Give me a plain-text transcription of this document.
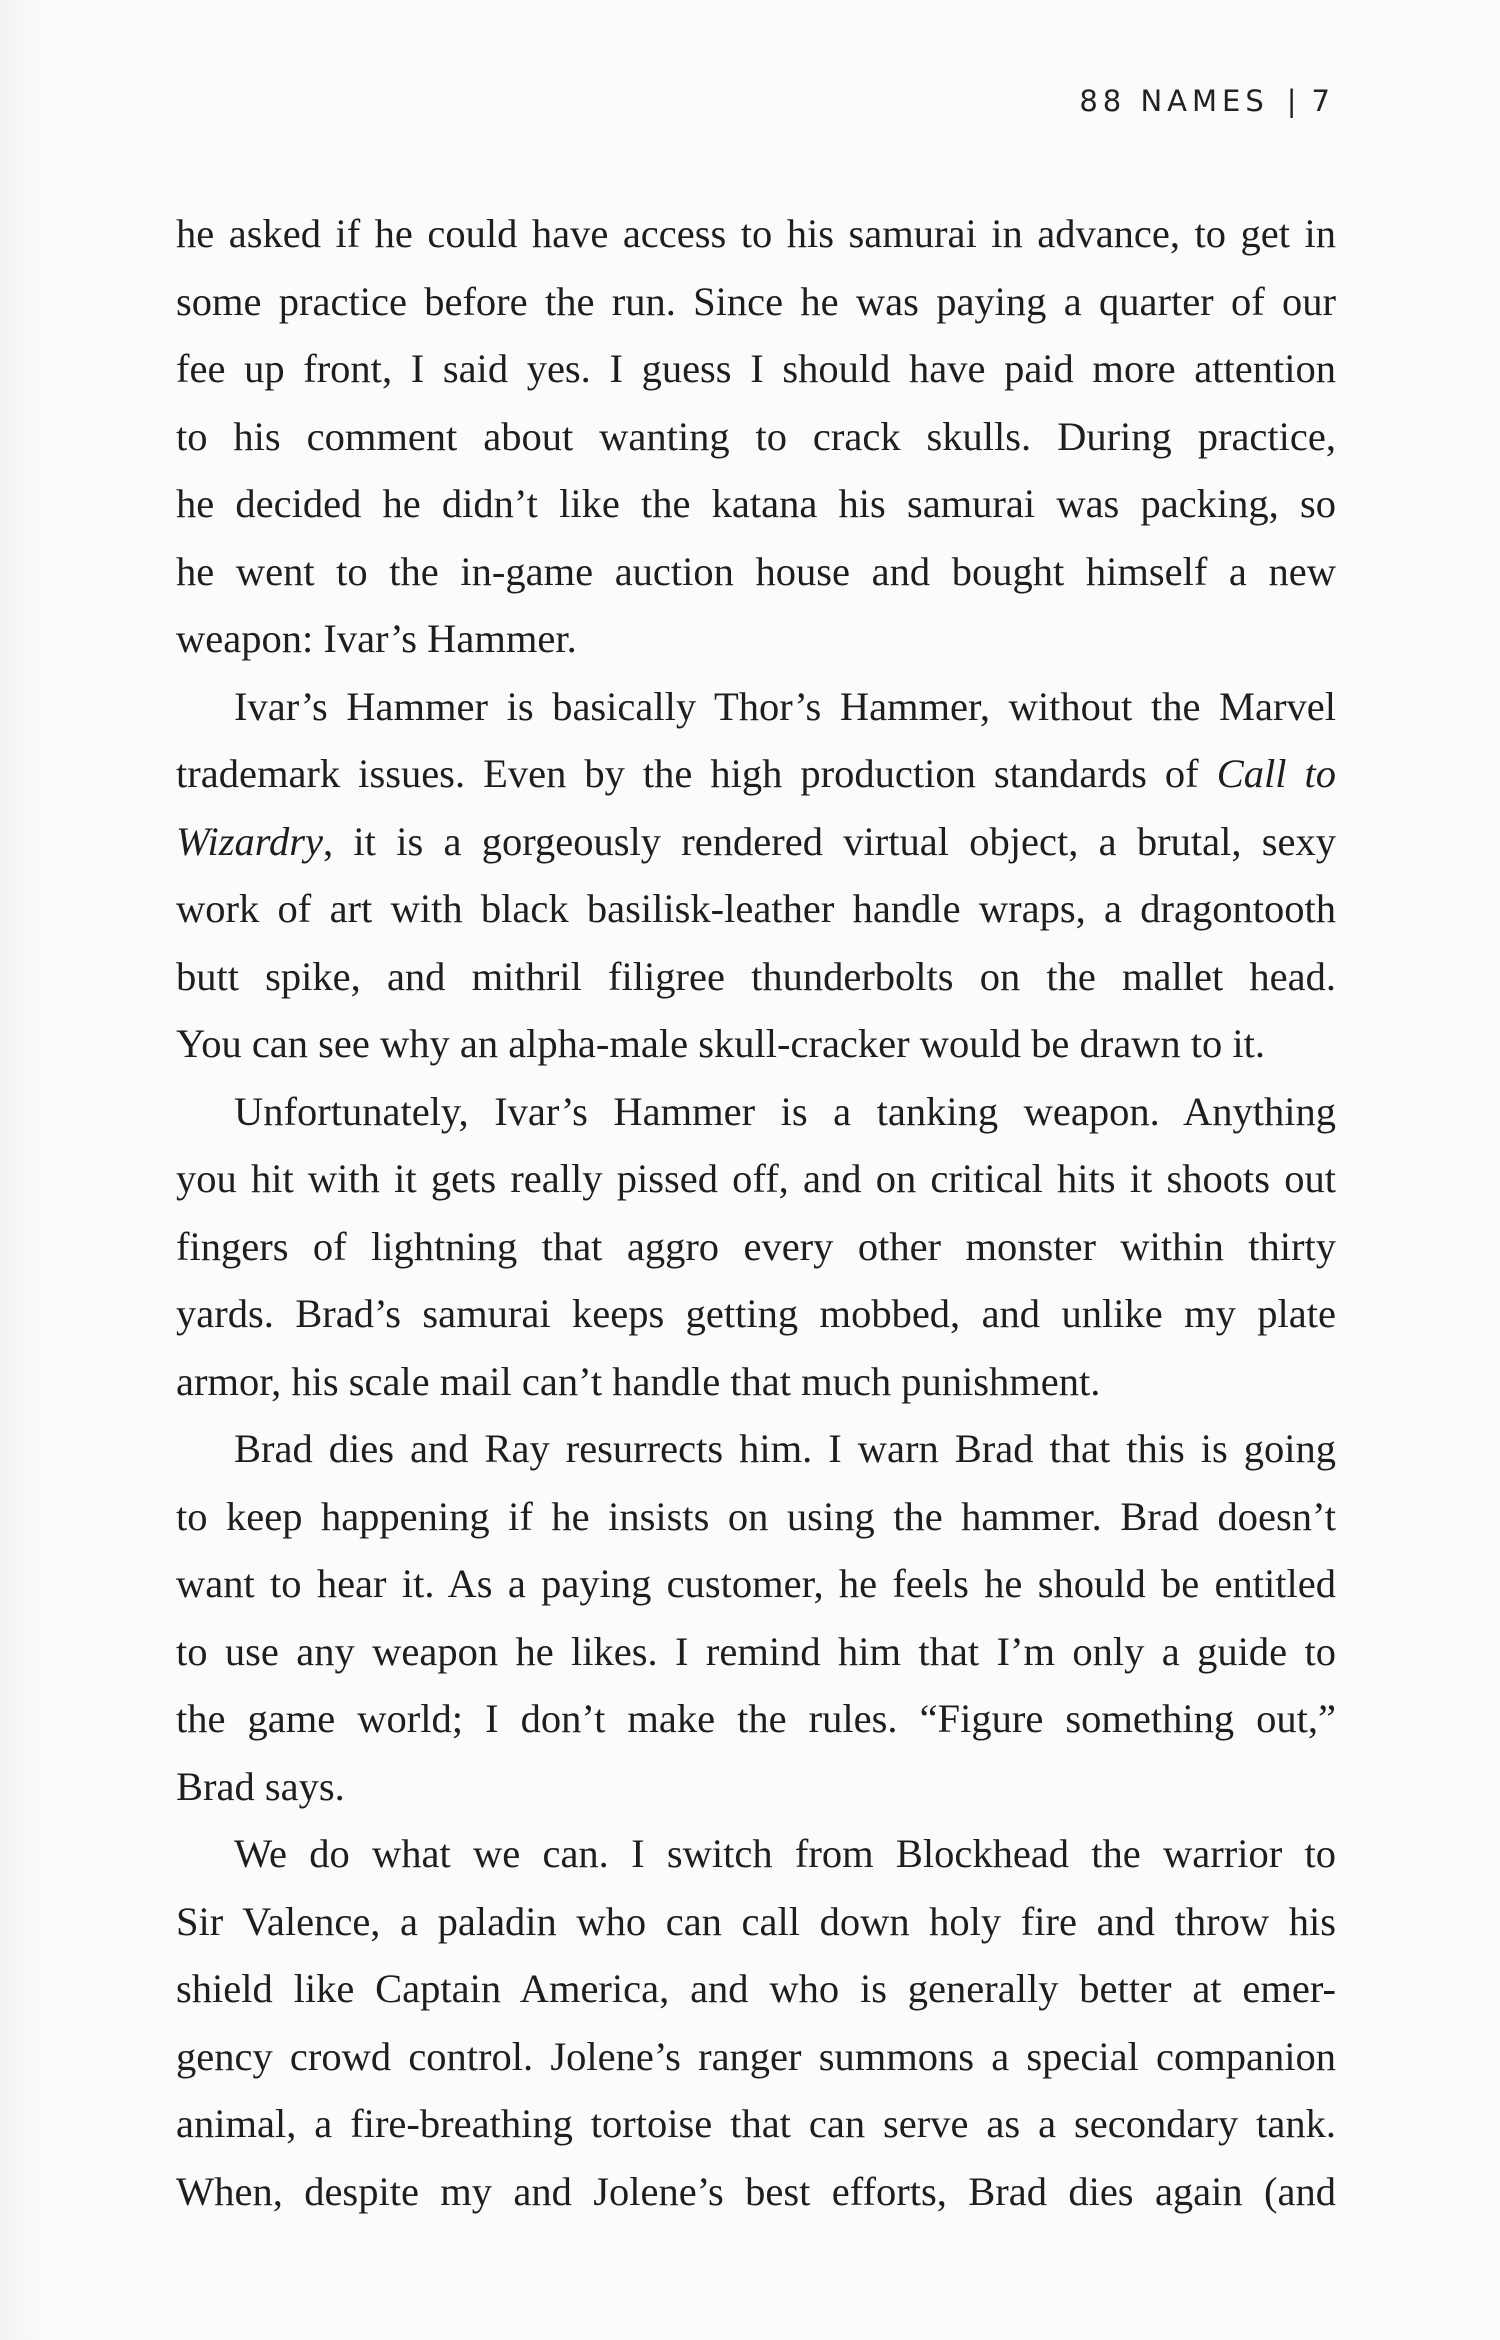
88 NAMES | 7
he asked if he could have access to his samurai in advance, to get in
some practice before the run. Since he was paying a quarter of our
fee up front, I said yes. I guess I should have paid more attention
to his comment about wanting to crack skulls. During practice,
he decided he didn’t like the katana his samurai was packing, so
he went to the in-game auction house and bought himself a new
weapon: Ivar’s Hammer.
Ivar’s Hammer is basically Thor’s Hammer, without the Marvel
trademark issues. Even by the high production standards of Call to
Wizardry, it is a gorgeously rendered virtual object, a brutal, sexy
work of art with black basilisk-leather handle wraps, a dragontooth
butt spike, and mithril filigree thunderbolts on the mallet head.
You can see why an alpha-male skull-cracker would be drawn to it.
Unfortunately, Ivar’s Hammer is a tanking weapon. Anything
you hit with it gets really pissed off, and on critical hits it shoots out
fingers of lightning that aggro every other monster within thirty
yards. Brad’s samurai keeps getting mobbed, and unlike my plate
armor, his scale mail can’t handle that much punishment.
Brad dies and Ray resurrects him. I warn Brad that this is going
to keep happening if he insists on using the hammer. Brad doesn’t
want to hear it. As a paying customer, he feels he should be entitled
to use any weapon he likes. I remind him that I’m only a guide to
the game world; I don’t make the rules. “Figure something out,”
Brad says.
We do what we can. I switch from Blockhead the warrior to
Sir Valence, a paladin who can call down holy fire and throw his
shield like Captain America, and who is generally better at emer-
gency crowd control. Jolene’s ranger summons a special companion
animal, a fire-breathing tortoise that can serve as a secondary tank.
When, despite my and Jolene’s best efforts, Brad dies again (and
